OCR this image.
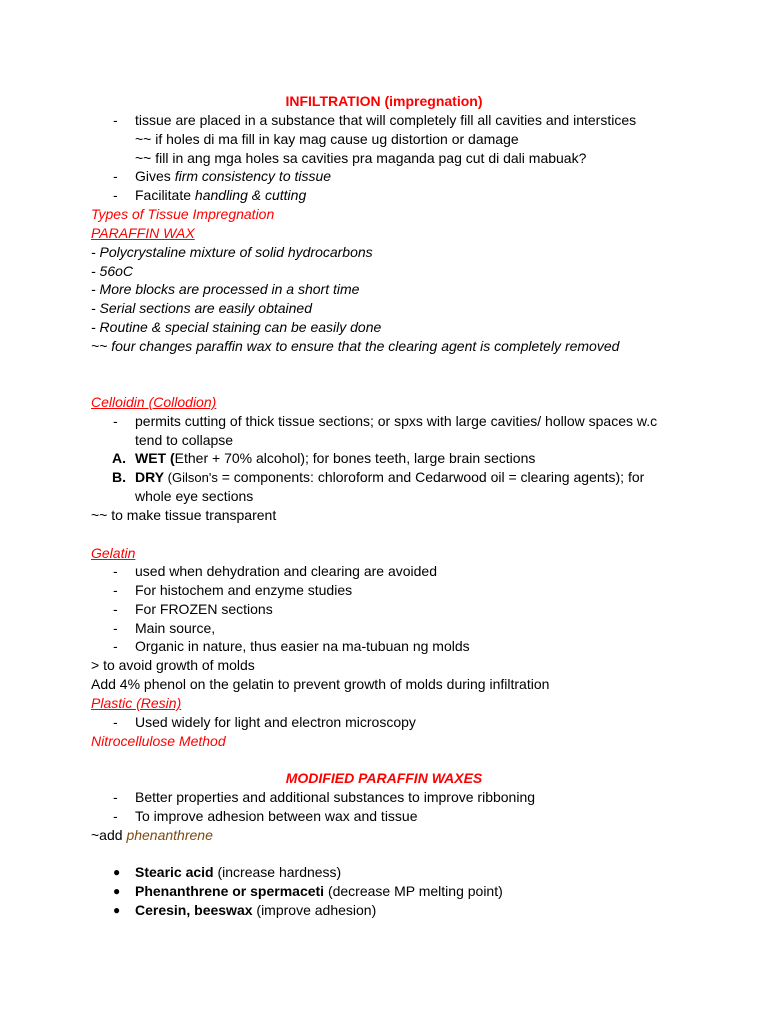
INFILTRATION (impregnation)
- tissue are placed in a substance that will completely fill all cavities and interstices
~~ if holes di ma fill in kay mag cause ug distortion or damage
~~ fill in ang mga holes sa cavities pra maganda pag cut di dali mabuak?
- Gives firm consistency to tissue
- Facilitate handling & cutting
Types of Tissue Impregnation
PARAFFIN WAX
- Polycrystaline mixture of solid hydrocarbons
- 56oC
- More blocks are processed in a short time
- Serial sections are easily obtained
- Routine & special staining can be easily done
~~ four changes paraffin wax to ensure that the clearing agent is completely removed
Celloidin (Collodion)
- permits cutting of thick tissue sections; or spxs with large cavities/ hollow spaces w.c
tend to collapse
A. WET (Ether + 70% alcohol); for bones teeth, large brain sections
B. DRY (Gilson's = components: chloroform and Cedarwood oil = clearing agents); for
whole eye sections
~~ to make tissue transparent
Gelatin
- used when dehydration and clearing are avoided
- For histochem and enzyme studies
- For FROZEN sections
- Main source,
- Organic in nature, thus easier na ma-tubuan ng molds
> to avoid growth of molds
Add 4% phenol on the gelatin to prevent growth of molds during infiltration
Plastic (Resin)
- Used widely for light and electron microscopy
Nitrocellulose Method
MODIFIED PARAFFIN WAXES
- Better properties and additional substances to improve ribboning
- To improve adhesion between wax and tissue
~add phenanthrene
● Stearic acid (increase hardness)
● Phenanthrene or spermaceti (decrease MP melting point)
● Ceresin, beeswax (improve adhesion)
